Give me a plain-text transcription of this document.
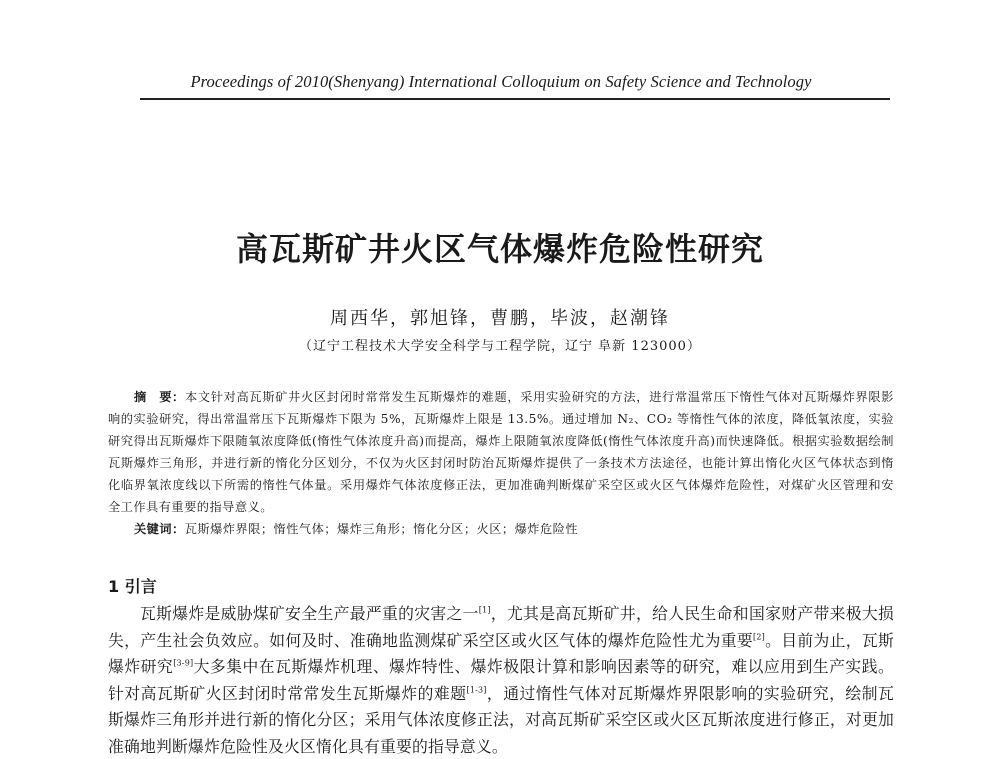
Proceedings of 2010(Shenyang) International Colloquium on Safety Science and Technology
高瓦斯矿井火区气体爆炸危险性研究
周西华，郭旭锋，曹鹏，毕波，赵潮锋
（辽宁工程技术大学安全科学与工程学院，辽宁 阜新 123000）
摘　要：本文针对高瓦斯矿井火区封闭时常常发生瓦斯爆炸的难题，采用实验研究的方法，进行常温常压下惰性气体对瓦斯爆炸界限影响的实验研究，得出常温常压下瓦斯爆炸下限为 5%，瓦斯爆炸上限是 13.5%。通过增加 N₂、CO₂ 等惰性气体的浓度，降低氧浓度，实验研究得出瓦斯爆炸下限随氧浓度降低(惰性气体浓度升高)而提高，爆炸上限随氧浓度降低(惰性气体浓度升高)而快速降低。根据实验数据绘制瓦斯爆炸三角形，并进行新的惰化分区划分，不仅为火区封闭时防治瓦斯爆炸提供了一条技术方法途径，也能计算出惰化火区气体状态到惰化临界氧浓度线以下所需的惰性气体量。采用爆炸气体浓度修正法，更加准确判断煤矿采空区或火区气体爆炸危险性，对煤矿火区管理和安全工作具有重要的指导意义。
关键词：瓦斯爆炸界限；惰性气体；爆炸三角形；惰化分区；火区；爆炸危险性
1 引言
瓦斯爆炸是威胁煤矿安全生产最严重的灾害之一[1]，尤其是高瓦斯矿井，给人民生命和国家财产带来极大损失，产生社会负效应。如何及时、准确地监测煤矿采空区或火区气体的爆炸危险性尤为重要[2]。目前为止，瓦斯爆炸研究[3-9]大多集中在瓦斯爆炸机理、爆炸特性、爆炸极限计算和影响因素等的研究，难以应用到生产实践。针对高瓦斯矿火区封闭时常常发生瓦斯爆炸的难题[1-3]，通过惰性气体对瓦斯爆炸界限影响的实验研究，绘制瓦斯爆炸三角形并进行新的惰化分区；采用气体浓度修正法，对高瓦斯矿采空区或火区瓦斯浓度进行修正，对更加准确地判断爆炸危险性及火区惰化具有重要的指导意义。
